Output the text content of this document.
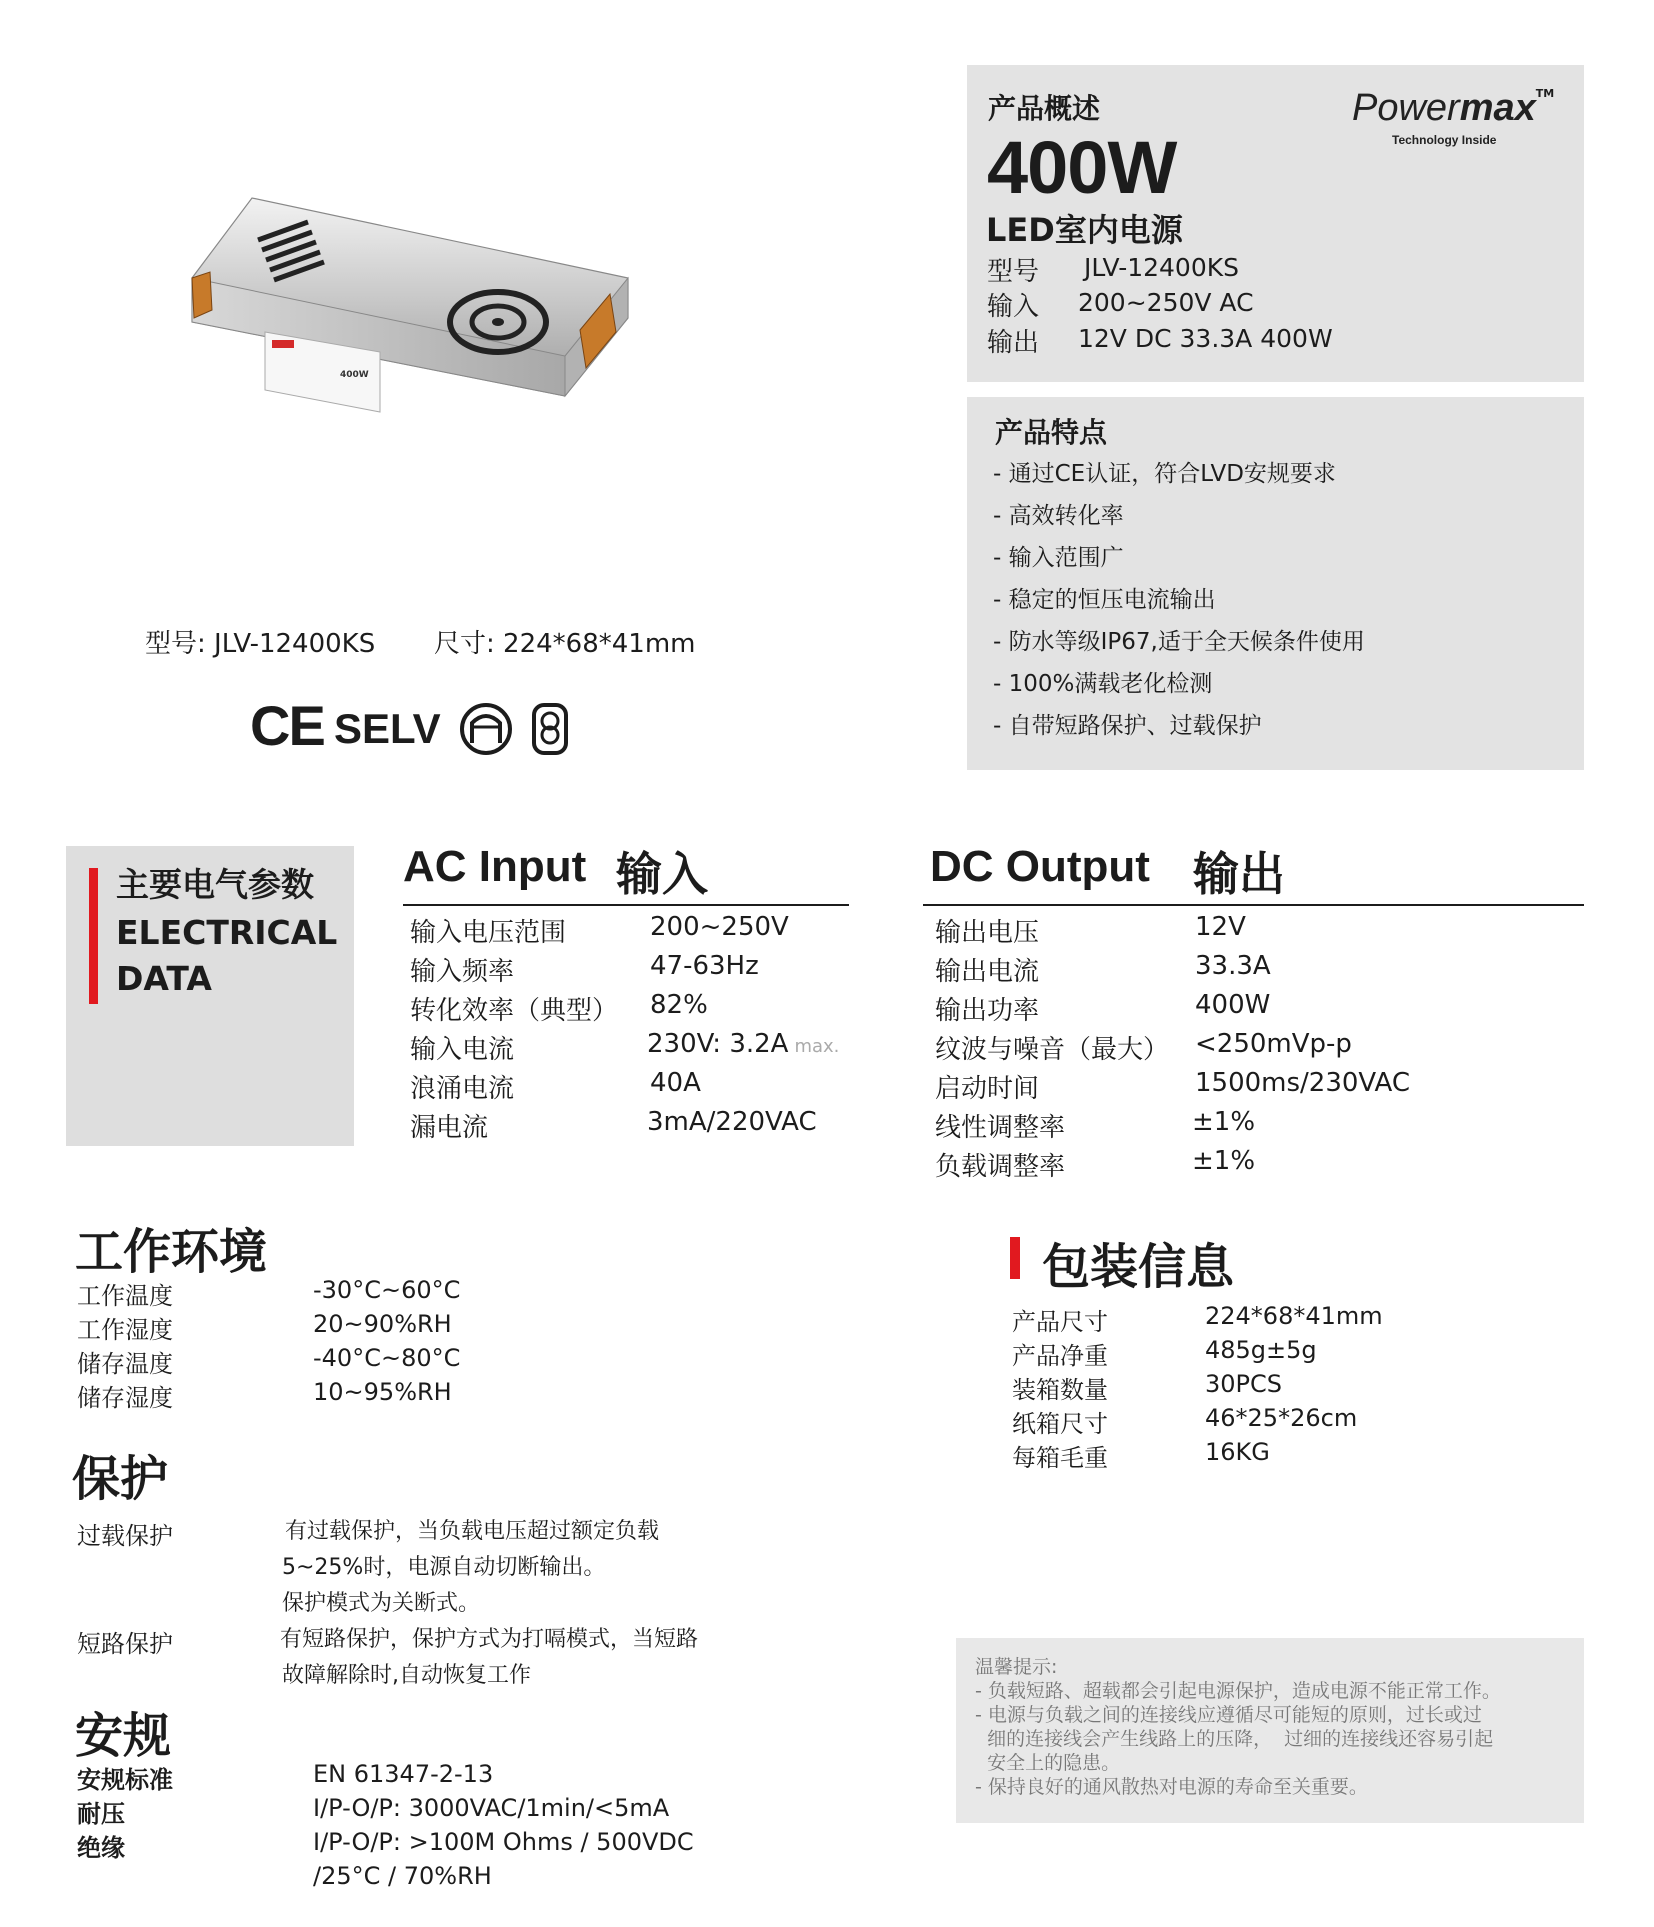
400W
型号: JLV-12400KS 尺寸: 224*68*41mm
CE SELV
产品概述
400W
LED室内电源
型号 JLV-12400KS
输入 200~250V AC
输出 12V DC 33.3A 400W
Powermax™
Technology Inside
产品特点
- 通过CE认证，符合LVD安规要求
- 高效转化率
- 输入范围广
- 稳定的恒压电流输出
- 防水等级IP67,适于全天候条件使用
- 100%满载老化检测
- 自带短路保护、过载保护
主要电气参数
ELECTRICAL
DATA
AC Input 输入
输入电压范围	200~250V
输入频率	47-63Hz
转化效率（典型） 82%
输入电流	230V: 3.2A max.
浪涌电流	40A
漏电流	3mA/220VAC
DC Output 输出
输出电压	12V
输出电流	33.3A
输出功率	400W
纹波与噪音（最大） <250mVp-p
启动时间	1500ms/230VAC
线性调整率	±1%
负载调整率	±1%
工作环境
工作温度	-30°C~60°C
工作湿度	20~90%RH
储存温度	-40°C~80°C
储存湿度	10~95%RH
保护
过载保护	有过载保护，当负载电压超过额定负载
5~25%时，电源自动切断输出。
保护模式为关断式。
短路保护	有短路保护，保护方式为打嗝模式，当短路
故障解除时,自动恢复工作
安规
安规标准	EN 61347-2-13
耐压	I/P-O/P: 3000VAC/1min/<5mA
绝缘	I/P-O/P: >100M Ohms / 500VDC
/25°C / 70%RH
包装信息
产品尺寸	224*68*41mm
产品净重	485g±5g
装箱数量	30PCS
纸箱尺寸	46*25*26cm
每箱毛重	16KG
温馨提示:
- 负载短路、超载都会引起电源保护，造成电源不能正常工作。
- 电源与负载之间的连接线应遵循尽可能短的原则，过长或过
细的连接线会产生线路上的压降，  过细的连接线还容易引起
安全上的隐患。
- 保持良好的通风散热对电源的寿命至关重要。
